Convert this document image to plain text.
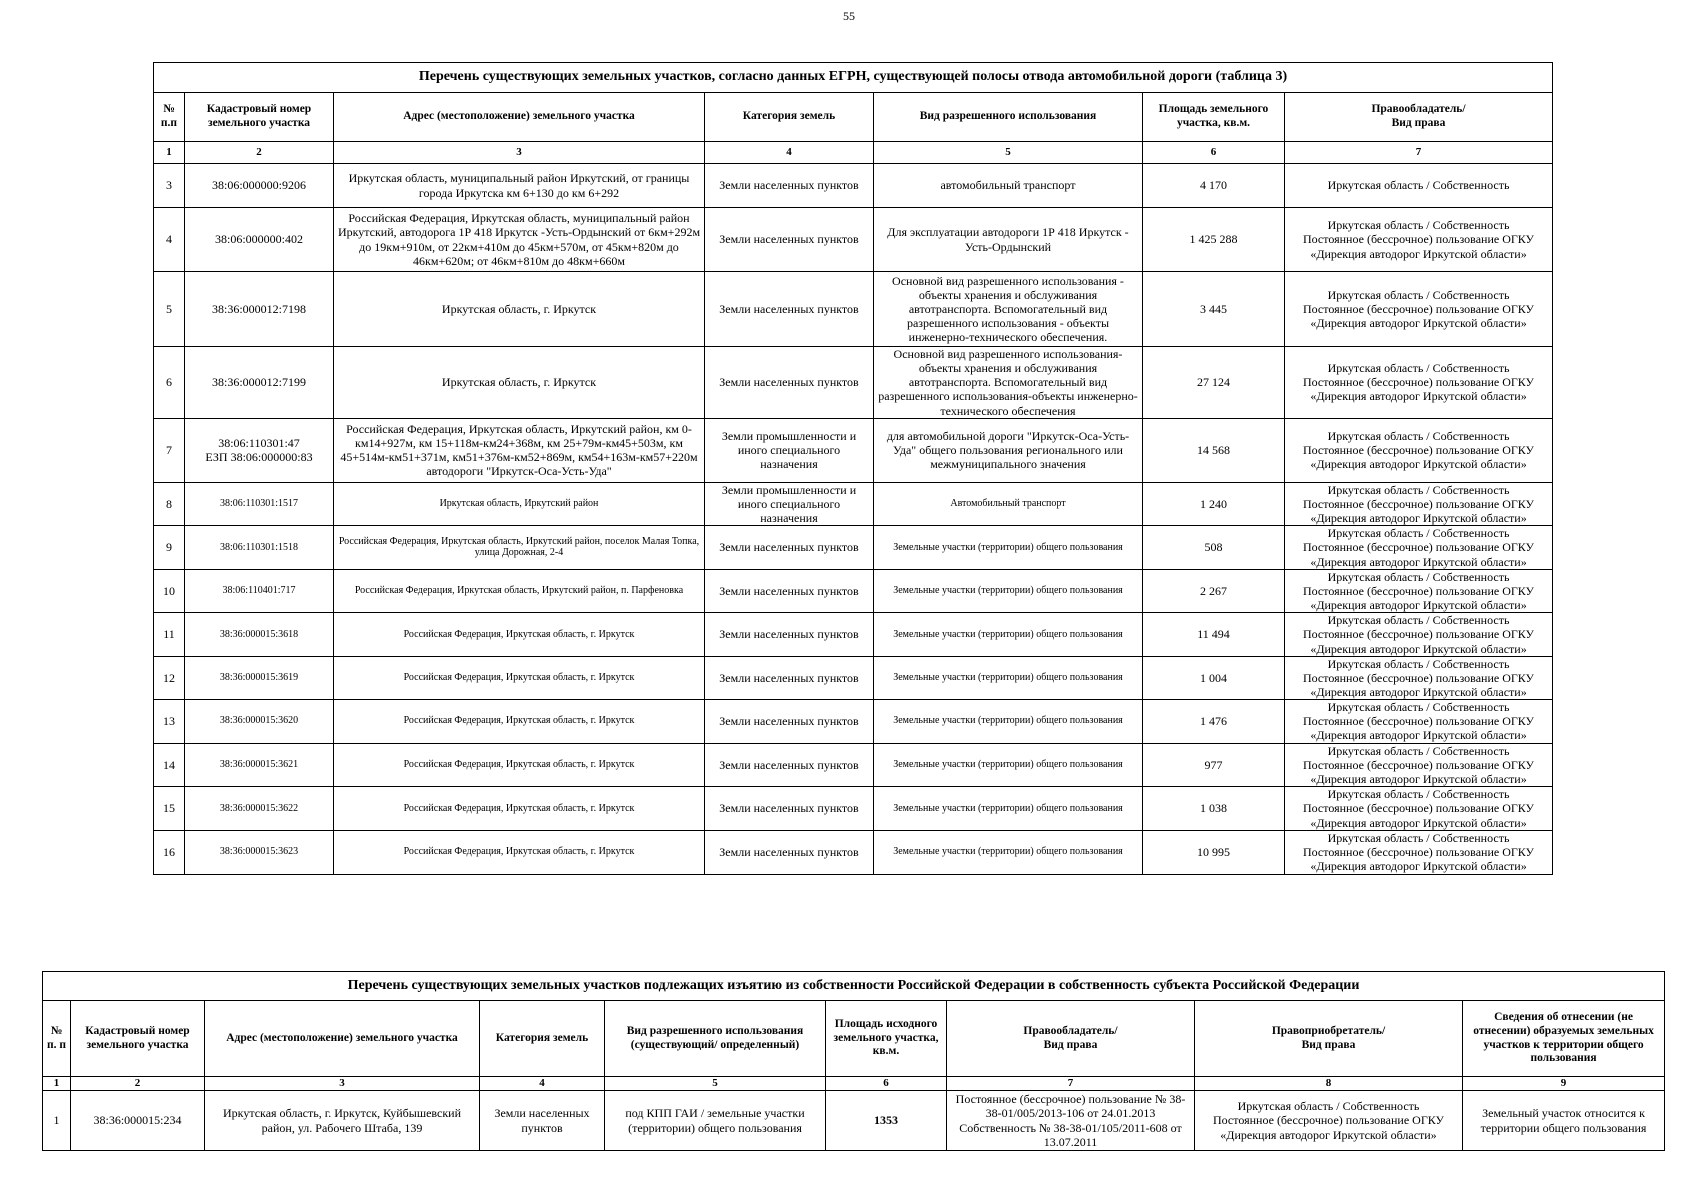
55
Перечень существующих земельных участков, согласно данных ЕГРН, существующей полосы отвода автомобильной дороги (таблица 3)						
№ п.п	Кадастровый номер земельного участка	Адрес (местоположение) земельного участка	Категория земель	Вид разрешенного использования	Площадь земельного участка, кв.м.	Правообладатель/
Вид права
1	2	3	4	5	6	7
3	38:06:000000:9206	Иркутская область, муниципальный район Иркутский, от границы города Иркутска км 6+130 до км 6+292	Земли населенных пунктов	автомобильный транспорт	4 170	Иркутская область / Собственность
4	38:06:000000:402	Российская Федерация, Иркутская область, муниципальный район Иркутский, автодорога 1Р 418 Иркутск -Усть-Ордынский от 6км+292м до 19км+910м, от 22км+410м до 45км+570м, от 45км+820м до 46км+620м; от 46км+810м до 48км+660м	Земли населенных пунктов	Для эксплуатации автодороги 1Р 418 Иркутск - Усть-Ордынский	1 425 288	Иркутская область / Собственность
Постоянное (бессрочное) пользование ОГКУ «Дирекция автодорог Иркутской области»
5	38:36:000012:7198	Иркутская область, г. Иркутск	Земли населенных пунктов	Основной вид разрешенного использования - объекты хранения и обслуживания автотранспорта. Вспомогательный вид разрешенного использования - объекты инженерно-технического обеспечения.	3 445	Иркутская область / Собственность
Постоянное (бессрочное) пользование ОГКУ «Дирекция автодорог Иркутской области»
6	38:36:000012:7199	Иркутская область, г. Иркутск	Земли населенных пунктов	Основной вид разрешенного использования-объекты хранения и обслуживания автотранспорта. Вспомогательный вид разрешенного использования-объекты инженерно-технического обеспечения	27 124	Иркутская область / Собственность
Постоянное (бессрочное) пользование ОГКУ «Дирекция автодорог Иркутской области»
7	38:06:110301:47
ЕЗП 38:06:000000:83	Российская Федерация, Иркутская область, Иркутский район, км 0-км14+927м, км 15+118м-км24+368м, км 25+79м-км45+503м, км 45+514м-км51+371м, км51+376м-км52+869м, км54+163м-км57+220м автодороги "Иркутск-Оса-Усть-Уда"	Земли промышленности и иного специального назначения	для автомобильной дороги "Иркутск-Оса-Усть-Уда" общего пользования регионального или межмуниципального значения	14 568	Иркутская область / Собственность
Постоянное (бессрочное) пользование ОГКУ «Дирекция автодорог Иркутской области»
8	38:06:110301:1517	Иркутская область, Иркутский район	Земли промышленности и иного специального назначения	Автомобильный транспорт	1 240	Иркутская область / Собственность
Постоянное (бессрочное) пользование ОГКУ «Дирекция автодорог Иркутской области»
9	38:06:110301:1518	Российская Федерация, Иркутская область, Иркутский район, поселок Малая Топка, улица Дорожная, 2-4	Земли населенных пунктов	Земельные участки (территории) общего пользования	508	Иркутская область / Собственность
Постоянное (бессрочное) пользование ОГКУ «Дирекция автодорог Иркутской области»
10	38:06:110401:717	Российская Федерация, Иркутская область, Иркутский район, п. Парфеновка	Земли населенных пунктов	Земельные участки (территории) общего пользования	2 267	Иркутская область / Собственность
Постоянное (бессрочное) пользование ОГКУ «Дирекция автодорог Иркутской области»
11	38:36:000015:3618	Российская Федерация, Иркутская область, г. Иркутск	Земли населенных пунктов	Земельные участки (территории) общего пользования	11 494	Иркутская область / Собственность
Постоянное (бессрочное) пользование ОГКУ «Дирекция автодорог Иркутской области»
12	38:36:000015:3619	Российская Федерация, Иркутская область, г. Иркутск	Земли населенных пунктов	Земельные участки (территории) общего пользования	1 004	Иркутская область / Собственность
Постоянное (бессрочное) пользование ОГКУ «Дирекция автодорог Иркутской области»
13	38:36:000015:3620	Российская Федерация, Иркутская область, г. Иркутск	Земли населенных пунктов	Земельные участки (территории) общего пользования	1 476	Иркутская область / Собственность
Постоянное (бессрочное) пользование ОГКУ «Дирекция автодорог Иркутской области»
14	38:36:000015:3621	Российская Федерация, Иркутская область, г. Иркутск	Земли населенных пунктов	Земельные участки (территории) общего пользования	977	Иркутская область / Собственность
Постоянное (бессрочное) пользование ОГКУ «Дирекция автодорог Иркутской области»
15	38:36:000015:3622	Российская Федерация, Иркутская область, г. Иркутск	Земли населенных пунктов	Земельные участки (территории) общего пользования	1 038	Иркутская область / Собственность
Постоянное (бессрочное) пользование ОГКУ «Дирекция автодорог Иркутской области»
16	38:36:000015:3623	Российская Федерация, Иркутская область, г. Иркутск	Земли населенных пунктов	Земельные участки (территории) общего пользования	10 995	Иркутская область / Собственность
Постоянное (бессрочное) пользование ОГКУ «Дирекция автодорог Иркутской области»
Перечень существующих земельных участков подлежащих изъятию из собственности Российской Федерации в собственность субъекта Российской Федерации								
№ п. п	Кадастровый номер земельного участка	Адрес (местоположение) земельного участка	Категория земель	Вид разрешенного использования (существующий/ определенный)	Площадь исходного земельного участка, кв.м.	Правообладатель/
Вид права	Правоприобретатель/
Вид права	Сведения об отнесении (не отнесении) образуемых земельных участков к территории общего пользования
1	2	3	4	5	6	7	8	9
1	38:36:000015:234	Иркутская область, г. Иркутск, Куйбышевский район, ул. Рабочего Штаба, 139	Земли населенных пунктов	под КПП ГАИ / земельные участки (территории) общего пользования	1353	Постоянное (бессрочное) пользование № 38-38-01/005/2013-106 от 24.01.2013
Собственность № 38-38-01/105/2011-608 от 13.07.2011	Иркутская область / Собственность
Постоянное (бессрочное) пользование ОГКУ «Дирекция автодорог Иркутской области»	Земельный участок относится к территории общего пользования
